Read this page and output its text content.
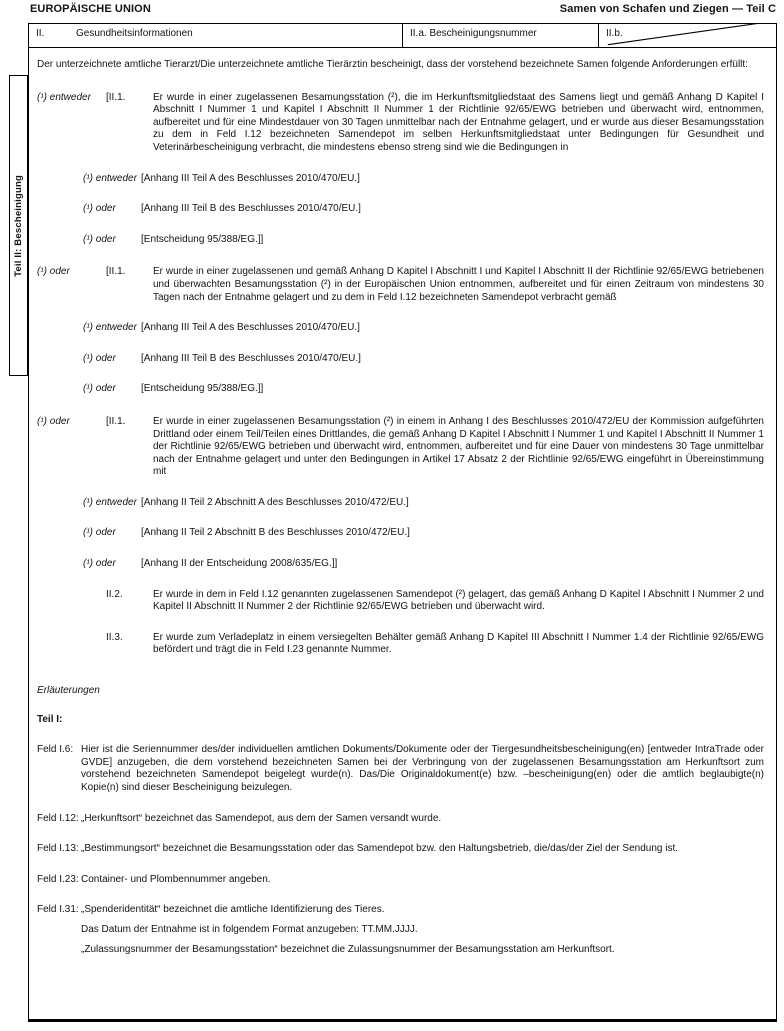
EUROPÄISCHE UNION	Samen von Schafen und Ziegen — Teil C
Teil II: Bescheinigung
II.	Gesundheitsinformationen	II.a. Bescheinigungsnummer	II.b.
Der unterzeichnete amtliche Tierarzt/Die unterzeichnete amtliche Tierärztin bescheinigt, dass der vorstehend bezeichnete Samen folgende Anforderungen erfüllt:
(¹) entweder	[II.1.	Er wurde in einer zugelassenen Besamungsstation (²), die im Herkunftsmitgliedstaat des Samens liegt und gemäß Anhang D Kapitel I Abschnitt I Nummer 1 und Kapitel I Abschnitt II Nummer 1 der Richtlinie 92/65/EWG betrieben und überwacht wird, entnommen, aufbereitet und für eine Mindestdauer von 30 Tagen unmittelbar nach der Entnahme gelagert, und er wurde aus dieser Besamungsstation zu dem in Feld I.12 bezeichneten Samendepot im selben Herkunftsmitgliedstaat unter Bedingungen für Gesundheit und Veterinärbescheinigung verbracht, die mindestens ebenso streng sind wie die Bedingungen in
(¹) entweder [Anhang III Teil A des Beschlusses 2010/470/EU.]
(¹) oder	[Anhang III Teil B des Beschlusses 2010/470/EU.]
(¹) oder	[Entscheidung 95/388/EG.]]
(¹) oder	[II.1.	Er wurde in einer zugelassenen und gemäß Anhang D Kapitel I Abschnitt I und Kapitel I Abschnitt II der Richtlinie 92/65/EWG betriebenen und überwachten Besamungsstation (²) in der Europäischen Union entnommen, aufbereitet und für einen Zeitraum von mindestens 30 Tagen nach der Entnahme gelagert und zu dem in Feld I.12 bezeichneten Samendepot verbracht gemäß
(¹) entweder [Anhang III Teil A des Beschlusses 2010/470/EU.]
(¹) oder	[Anhang III Teil B des Beschlusses 2010/470/EU.]
(¹) oder	[Entscheidung 95/388/EG.]]
(¹) oder	[II.1.	Er wurde in einer zugelassenen Besamungsstation (²) in einem in Anhang I des Beschlusses 2010/472/EU der Kommission aufgeführten Drittland oder einem Teil/Teilen eines Drittlandes, die gemäß Anhang D Kapitel I Abschnitt I Nummer 1 und Kapitel I Abschnitt II Nummer 1 der Richtlinie 92/65/EWG betrieben und überwacht wird, entnommen, aufbereitet und für eine Dauer von mindestens 30 Tage unmittelbar nach der Entnahme gelagert und unter den Bedingungen in Artikel 17 Absatz 2 der Richtlinie 92/65/EWG eingeführt in Übereinstimmung mit
(¹) entweder [Anhang II Teil 2 Abschnitt A des Beschlusses 2010/472/EU.]
(¹) oder	[Anhang II Teil 2 Abschnitt B des Beschlusses 2010/472/EU.]
(¹) oder	[Anhang II der Entscheidung 2008/635/EG.]]
II.2.	Er wurde in dem in Feld I.12 genannten zugelassenen Samendepot (²) gelagert, das gemäß Anhang D Kapitel I Abschnitt I Nummer 2 und Kapitel II Abschnitt II Nummer 2 der Richtlinie 92/65/EWG betrieben und überwacht wird.
II.3.	Er wurde zum Verladeplatz in einem versiegelten Behälter gemäß Anhang D Kapitel III Abschnitt I Nummer 1.4 der Richtlinie 92/65/EWG befördert und trägt die in Feld I.23 genannte Nummer.
Erläuterungen
Teil I:
Feld I.6: Hier ist die Seriennummer des/der individuellen amtlichen Dokuments/Dokumente oder der Tiergesundheitsbescheinigung(en) [entweder IntraTrade oder GVDE] anzugeben, die dem vorstehend bezeichneten Samen bei der Verbringung von der zugelassenen Besamungsstation am Herkunftsort zum vorstehend bezeichneten Samendepot beigelegt wurde(n). Das/Die Originaldokument(e) bzw. –bescheinigung(en) oder die amtlich beglaubigte(n) Kopie(n) sind dieser Bescheinigung beizulegen.
Feld I.12: „Herkunftsort“ bezeichnet das Samendepot, aus dem der Samen versandt wurde.
Feld I.13: „Bestimmungsort“ bezeichnet die Besamungsstation oder das Samendepot bzw. den Haltungsbetrieb, die/das/der Ziel der Sendung ist.
Feld I.23: Container- und Plombennummer angeben.
Feld I.31: „Spenderidentität“ bezeichnet die amtliche Identifizierung des Tieres.
Das Datum der Entnahme ist in folgendem Format anzugeben: TT.MM.JJJJ.
„Zulassungsnummer der Besamungsstation“ bezeichnet die Zulassungsnummer der Besamungsstation am Herkunftsort.
